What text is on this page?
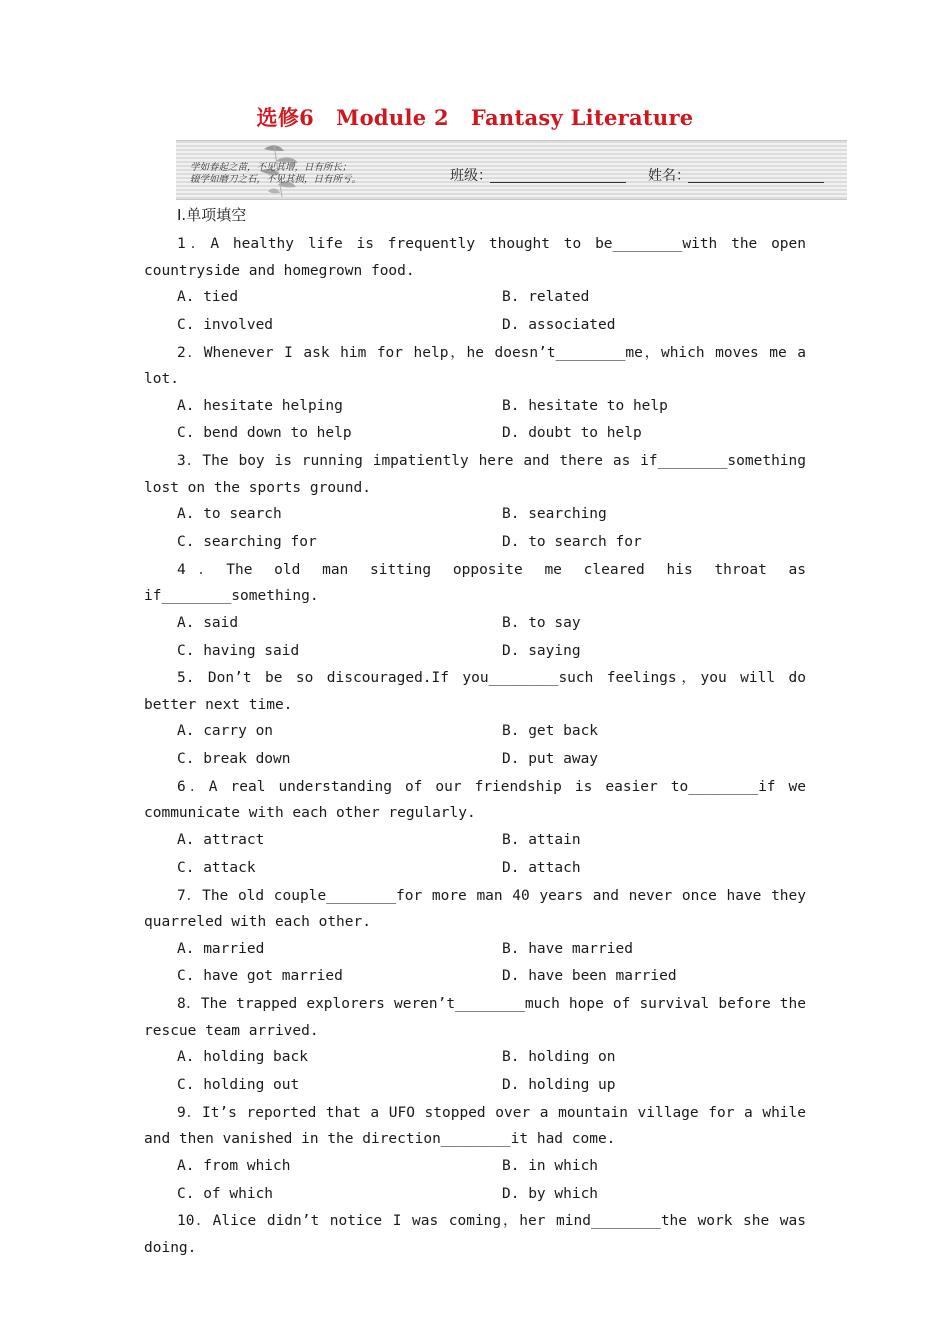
选修6 Module 2 Fantasy Literature
学如春起之苗，不见其增，日有所长；
辍学如磨刀之石，不见其损，日有所亏。	班级：	姓名：
Ⅰ.单项填空

1．A healthy life is frequently thought to be________with the open countryside and homegrown food.

A. tied	B. related
C. involved	D. associated

2．Whenever I ask him for help，he doesn’t________me，which moves me a lot.

A. hesitate helping	B. hesitate to help
C. bend down to help	D. doubt to help

3．The boy is running impatiently here and there as if________something lost on the sports ground.

A. to search	B. searching
C. searching for	D. to search for

4．The old man sitting opposite me cleared his throat as if________something.

A. said	B. to say
C. having said	D. saying

5. Don’t be so discouraged.If you________such feelings，you will do better next time.

A. carry on	B. get back
C. break down	D. put away

6．A real understanding of our friendship is easier to________if we communicate with each other regularly.

A. attract	B. attain
C. attack	D. attach

7．The old couple________for more man 40 years and never once have they quarreled with each other.

A. married	B. have married
C. have got married	D. have been married

8．The trapped explorers weren’t________much hope of survival before the rescue team arrived.

A. holding back	B. holding on
C. holding out	D. holding up

9．It’s reported that a UFO stopped over a mountain village for a while and then vanished in the direction________it had come.

A. from which	B. in which
C. of which	D. by which

10．Alice didn’t notice I was coming，her mind________the work she was doing.
